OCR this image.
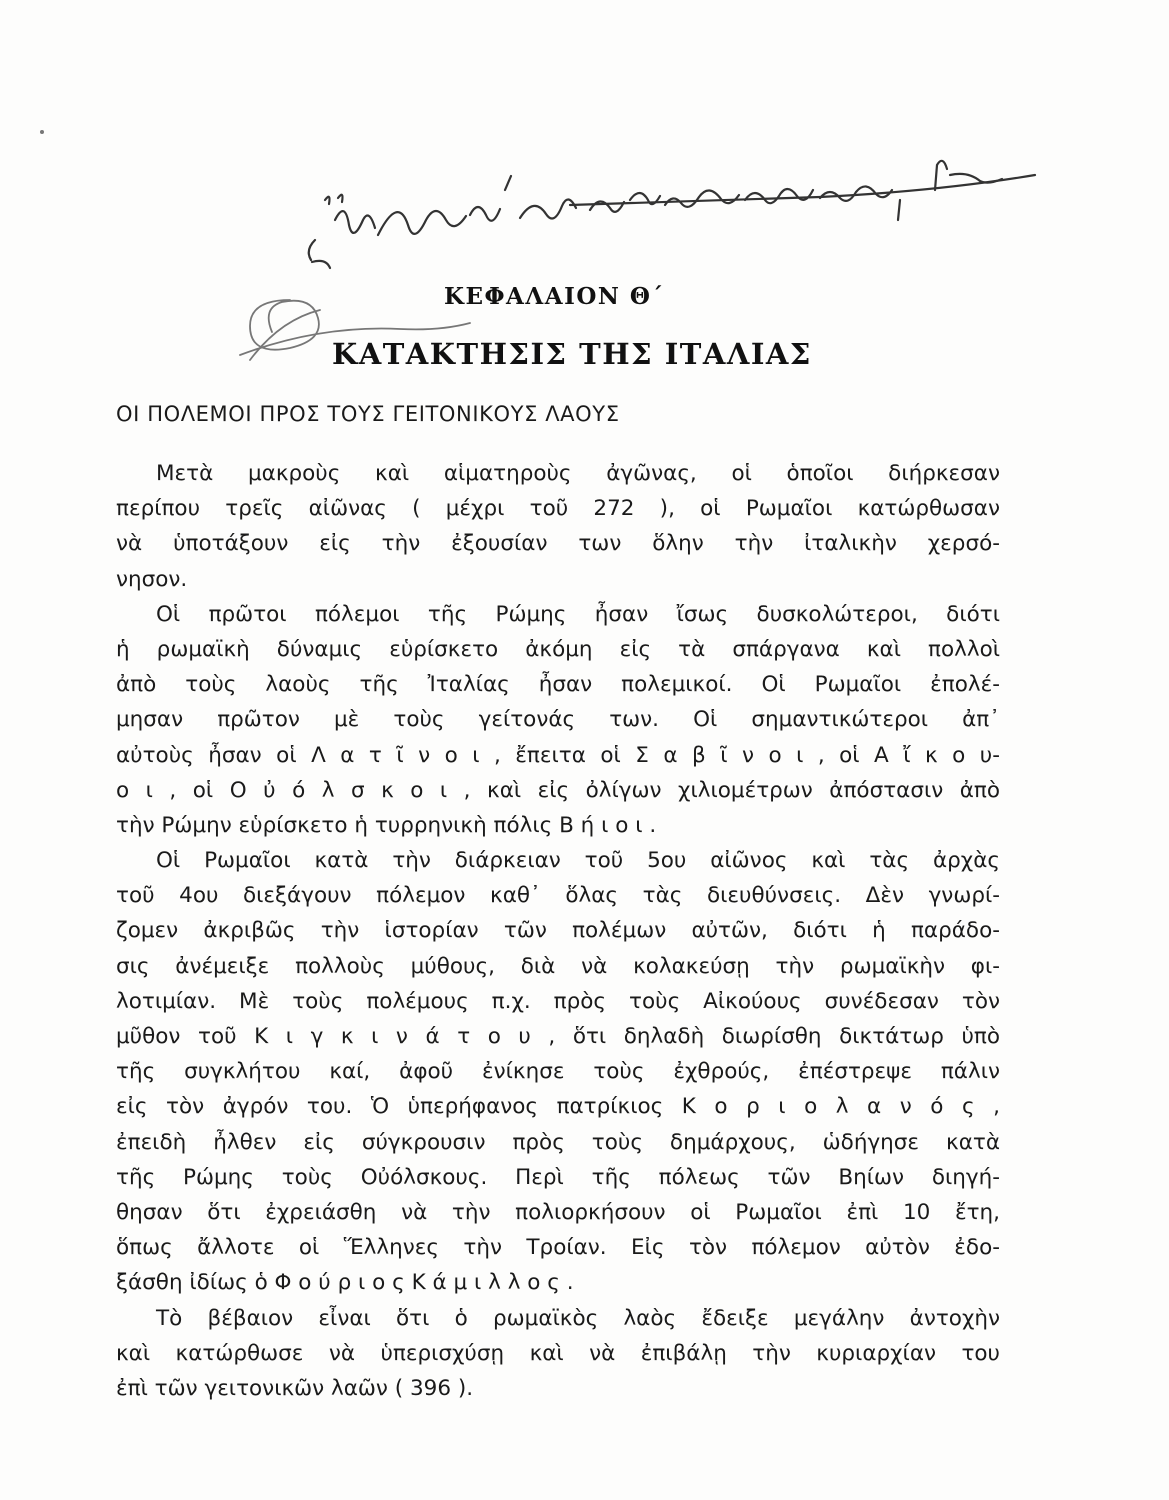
ΚΕΦΑΛΑΙΟΝ Θ΄
ΚΑΤΑΚΤΗΣΙΣ ΤΗΣ ΙΤΑΛΙΑΣ
ΟΙ ΠΟΛΕΜΟΙ ΠΡΟΣ ΤΟΥΣ ΓΕΙΤΟΝΙΚΟΥΣ ΛΑΟΥΣ
Μετὰ μακροὺς καὶ αἱματηροὺς ἀγῶνας, οἱ ὁποῖοι διήρκεσαν
περίπου τρεῖς αἰῶνας ( μέχρι τοῦ 272 ), οἱ Ρωμαῖοι κατώρθωσαν
νὰ ὑποτάξουν εἰς τὴν ἐξουσίαν των ὅλην τὴν ἰταλικὴν χερσό-
νησον.
Οἱ πρῶτοι πόλεμοι τῆς Ρώμης ἦσαν ἴσως δυσκολώτεροι, διότι
ἡ ρωμαϊκὴ δύναμις εὑρίσκετο ἀκόμη εἰς τὰ σπάργανα καὶ πολλοὶ
ἀπὸ τοὺς λαοὺς τῆς Ἰταλίας ἦσαν πολεμικοί. Οἱ Ρωμαῖοι ἐπολέ-
μησαν πρῶτον μὲ τοὺς γείτονάς των. Οἱ σημαντικώτεροι ἀπ᾽
αὐτοὺς ἦσαν οἱ Λ α τ ῖ ν ο ι , ἔπειτα οἱ Σ α β ῖ ν ο ι , οἱ Α ἴ κ ο υ-
ο ι , οἱ Ο ὐ ό λ σ κ ο ι , καὶ εἰς ὀλίγων χιλιομέτρων ἀπόστασιν ἀπὸ
τὴν Ρώμην εὑρίσκετο ἡ τυρρηνικὴ πόλις Β ή ι ο ι .
Οἱ Ρωμαῖοι κατὰ τὴν διάρκειαν τοῦ 5ου αἰῶνος καὶ τὰς ἀρχὰς
τοῦ 4ου διεξάγουν πόλεμον καθ᾽ ὅλας τὰς διευθύνσεις. Δὲν γνωρί-
ζομεν ἀκριβῶς τὴν ἱστορίαν τῶν πολέμων αὐτῶν, διότι ἡ παράδο-
σις ἀνέμειξε πολλοὺς μύθους, διὰ νὰ κολακεύσῃ τὴν ρωμαϊκὴν φι-
λοτιμίαν. Μὲ τοὺς πολέμους π.χ. πρὸς τοὺς Αἰκούους συνέδεσαν τὸν
μῦθον τοῦ Κ ι γ κ ι ν ά τ ο υ , ὅτι δηλαδὴ διωρίσθη δικτάτωρ ὑπὸ
τῆς συγκλήτου καί, ἀφοῦ ἐνίκησε τοὺς ἐχθρούς, ἐπέστρεψε πάλιν
εἰς τὸν ἀγρόν του. Ὁ ὑπερήφανος πατρίκιος Κ ο ρ ι ο λ α ν ό ς ,
ἐπειδὴ ἦλθεν εἰς σύγκρουσιν πρὸς τοὺς δημάρχους, ὡδήγησε κατὰ
τῆς Ρώμης τοὺς Οὐόλσκους. Περὶ τῆς πόλεως τῶν Βηίων διηγή-
θησαν ὅτι ἐχρειάσθη νὰ τὴν πολιορκήσουν οἱ Ρωμαῖοι ἐπὶ 10 ἔτη,
ὅπως ἄλλοτε οἱ Ἕλληνες τὴν Τροίαν. Εἰς τὸν πόλεμον αὐτὸν ἐδο-
ξάσθη ἰδίως ὁ Φ ο ύ ρ ι ο ς Κ ά μ ι λ λ ο ς .
Τὸ βέβαιον εἶναι ὅτι ὁ ρωμαϊκὸς λαὸς ἔδειξε μεγάλην ἀντοχὴν
καὶ κατώρθωσε νὰ ὑπερισχύσῃ καὶ νὰ ἐπιβάλῃ τὴν κυριαρχίαν του
ἐπὶ τῶν γειτονικῶν λαῶν ( 396 ).
